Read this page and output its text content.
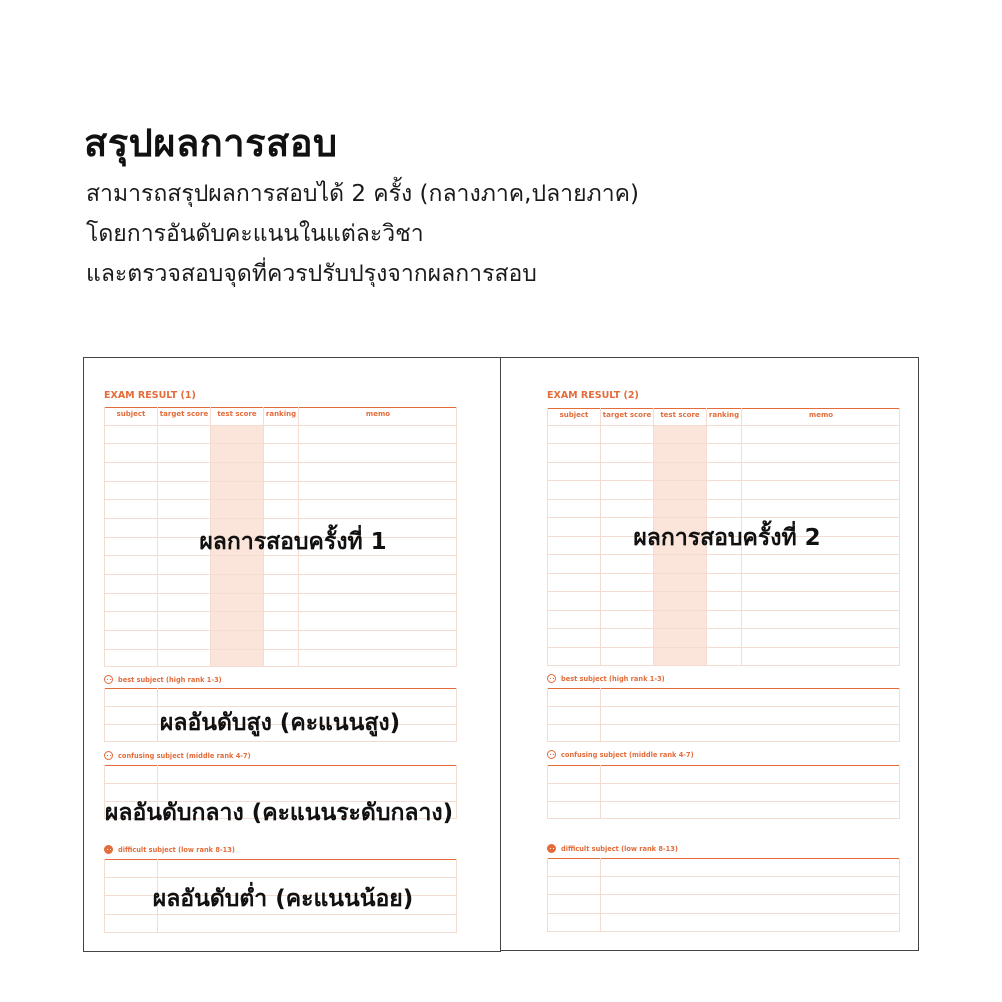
สรุปผลการสอบ
สามารถสรุปผลการสอบได้ 2 ครั้ง (กลางภาค,ปลายภาค)
โดยการอันดับคะแนนในแต่ละวิชา
และตรวจสอบจุดที่ควรปรับปรุงจากผลการสอบ
EXAM RESULT (1)
subject target score test score ranking	memo
best subject (high rank 1-3)
confusing subject (middle rank 4-7)
difficult subject (low rank 8-13)
ผลการสอบครั้งที่ 1
ผลอันดับสูง (คะแนนสูง)
ผลอันดับกลาง (คะแนนระดับกลาง)
ผลอันดับต่ำ (คะแนนน้อย)
EXAM RESULT (2)
subject target score test score ranking	memo
best subject (high rank 1-3)
confusing subject (middle rank 4-7)
difficult subject (low rank 8-13)
ผลการสอบครั้งที่ 2
